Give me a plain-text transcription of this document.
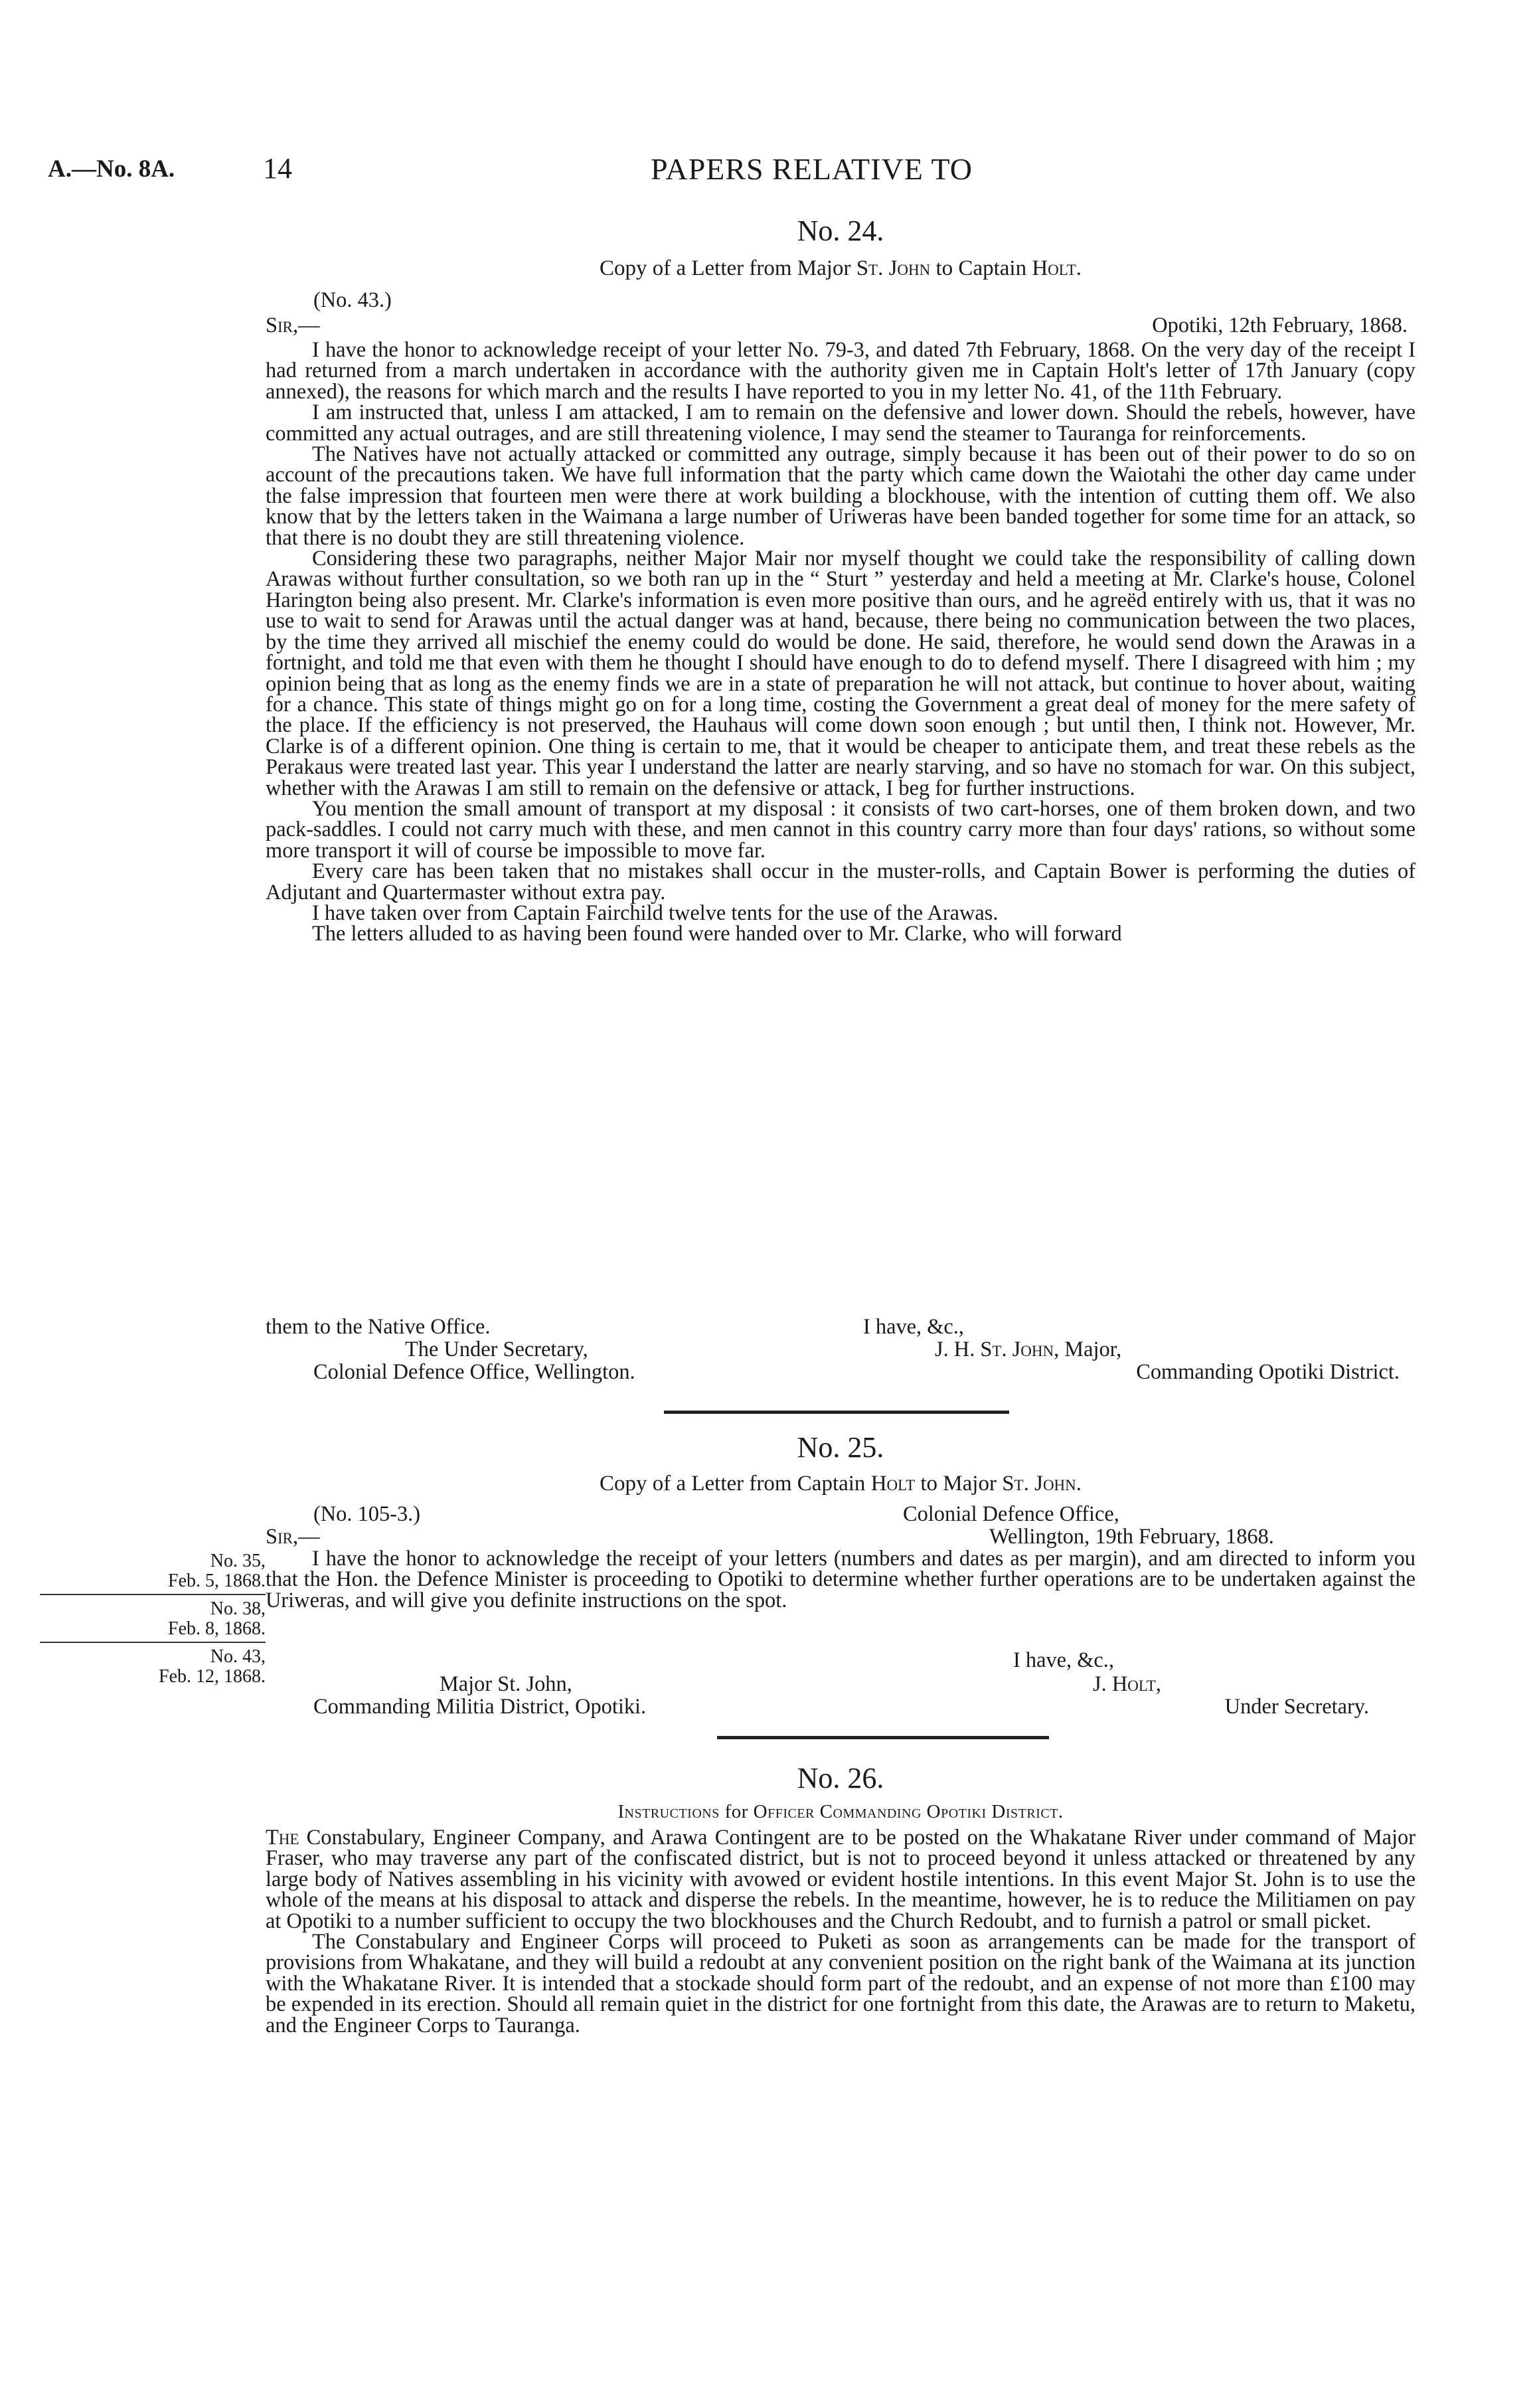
A.—No. 8A.	14	PAPERS RELATIVE TO
No. 24.
Copy of a Letter from Major St. John to Captain Holt.
(No. 43.)
Sir,—	Opotiki, 12th February, 1868.

I have the honor to acknowledge receipt of your letter No. 79-3, and dated 7th February, 1868. On the very day of the receipt I had returned from a march undertaken in accordance with the authority given me in Captain Holt's letter of 17th January (copy annexed), the reasons for which march and the results I have reported to you in my letter No. 41, of the 11th February.

I am instructed that, unless I am attacked, I am to remain on the defensive and lower down. Should the rebels, however, have committed any actual outrages, and are still threatening violence, I may send the steamer to Tauranga for reinforcements.

The Natives have not actually attacked or committed any outrage, simply because it has been out of their power to do so on account of the precautions taken. We have full information that the party which came down the Waiotahi the other day came under the false impression that fourteen men were there at work building a blockhouse, with the intention of cutting them off. We also know that by the letters taken in the Waimana a large number of Uriweras have been banded together for some time for an attack, so that there is no doubt they are still threatening violence.

Considering these two paragraphs, neither Major Mair nor myself thought we could take the responsibility of calling down Arawas without further consultation, so we both ran up in the “ Sturt ” yesterday and held a meeting at Mr. Clarke's house, Colonel Harington being also present. Mr. Clarke's information is even more positive than ours, and he agreëd entirely with us, that it was no use to wait to send for Arawas until the actual danger was at hand, because, there being no communication between the two places, by the time they arrived all mischief the enemy could do would be done. He said, therefore, he would send down the Arawas in a fortnight, and told me that even with them he thought I should have enough to do to defend myself. There I disagreed with him ; my opinion being that as long as the enemy finds we are in a state of preparation he will not attack, but continue to hover about, waiting for a chance. This state of things might go on for a long time, costing the Government a great deal of money for the mere safety of the place. If the efficiency is not preserved, the Hauhaus will come down soon enough ; but until then, I think not. However, Mr. Clarke is of a different opinion. One thing is certain to me, that it would be cheaper to anticipate them, and treat these rebels as the Perakaus were treated last year. This year I understand the latter are nearly starving, and so have no stomach for war. On this subject, whether with the Arawas I am still to remain on the defensive or attack, I beg for further instructions.

You mention the small amount of transport at my disposal : it consists of two cart-horses, one of them broken down, and two pack-saddles. I could not carry much with these, and men cannot in this country carry more than four days' rations, so without some more transport it will of course be impossible to move far.

Every care has been taken that no mistakes shall occur in the muster-rolls, and Captain Bower is performing the duties of Adjutant and Quartermaster without extra pay.

I have taken over from Captain Fairchild twelve tents for the use of the Arawas.

The letters alluded to as having been found were handed over to Mr. Clarke, who will forward

them to the Native Office.	I have, &c.,
The Under Secretary,	J. H. St. John, Major,
Colonial Defence Office, Wellington.	Commanding Opotiki District.
No. 25.
Copy of a Letter from Captain Holt to Major St. John.
(No. 105-3.)	Colonial Defence Office,
Sir,—	Wellington, 19th February, 1868.

I have the honor to acknowledge the receipt of your letters (numbers and dates as per margin), and am directed to inform you that the Hon. the Defence Minister is proceeding to Opotiki to determine whether further operations are to be undertaken against the Uriweras, and will give you definite instructions on the spot.

No. 35,
Feb. 5, 1868.
No. 38,
Feb. 8, 1868.
No. 43,
Feb. 12, 1868.
I have, &c.,
Major St. John,	J. Holt,
Commanding Militia District, Opotiki.	Under Secretary.
No. 26.
Instructions for Officer Commanding Opotiki District.

The Constabulary, Engineer Company, and Arawa Contingent are to be posted on the Whakatane River under command of Major Fraser, who may traverse any part of the confiscated district, but is not to proceed beyond it unless attacked or threatened by any large body of Natives assembling in his vicinity with avowed or evident hostile intentions. In this event Major St. John is to use the whole of the means at his disposal to attack and disperse the rebels. In the meantime, however, he is to reduce the Militiamen on pay at Opotiki to a number sufficient to occupy the two blockhouses and the Church Redoubt, and to furnish a patrol or small picket.

The Constabulary and Engineer Corps will proceed to Puketi as soon as arrangements can be made for the transport of provisions from Whakatane, and they will build a redoubt at any convenient position on the right bank of the Waimana at its junction with the Whakatane River. It is intended that a stockade should form part of the redoubt, and an expense of not more than £100 may be expended in its erection. Should all remain quiet in the district for one fortnight from this date, the Arawas are to return to Maketu, and the Engineer Corps to Tauranga.
